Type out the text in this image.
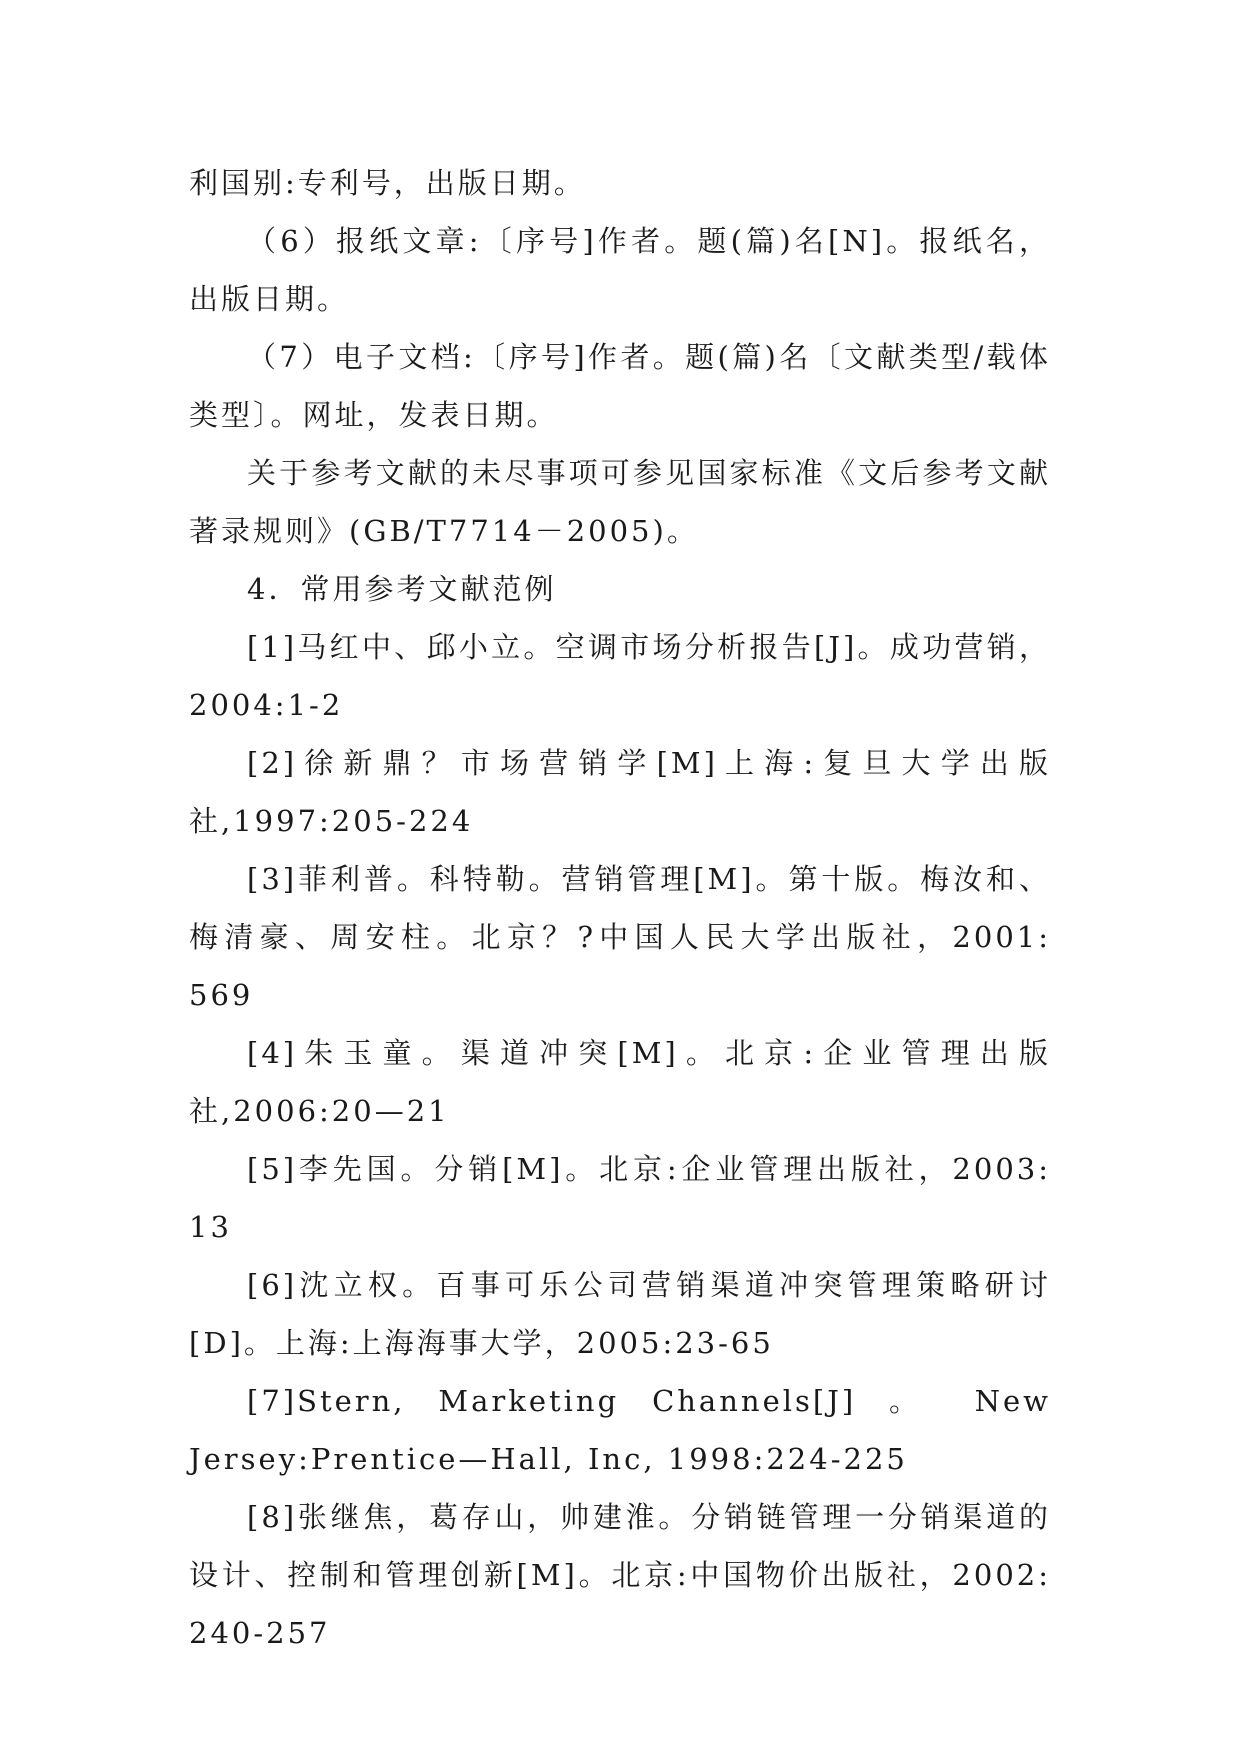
利国别:专利号，出版日期。

（6）报纸文章:〔序号]作者。题(篇)名[N]。报纸名，出版日期。

（7）电子文档:〔序号]作者。题(篇)名〔文献类型/载体类型〕。网址，发表日期。

关于参考文献的未尽事项可参见国家标准《文后参考文献著录规则》(GB/T7714－2005)。

4．常用参考文献范例

[1]马红中、邱小立。空调市场分析报告[J]。成功营销，2004:1-2

[2]徐新鼎？市场营销学[M]上海:复旦大学出版社,1997:205-224

[3]菲利普。科特勒。营销管理[M]。第十版。梅汝和、梅清豪、周安柱。北京？?中国人民大学出版社，2001: 569

[4]朱玉童。渠道冲突[M]。北京:企业管理出版社,2006:20—21

[5]李先国。分销[M]。北京:企业管理出版社，2003: 13

[6]沈立权。百事可乐公司营销渠道冲突管理策略研讨[D]。上海:上海海事大学，2005:23-65

[7]Stern, Marketing Channels[J] 。 New Jersey:Prentice—Hall, Inc, 1998:224-225

[8]张继焦，葛存山，帅建淮。分销链管理一分销渠道的设计、控制和管理创新[M]。北京:中国物价出版社，2002: 240-257
